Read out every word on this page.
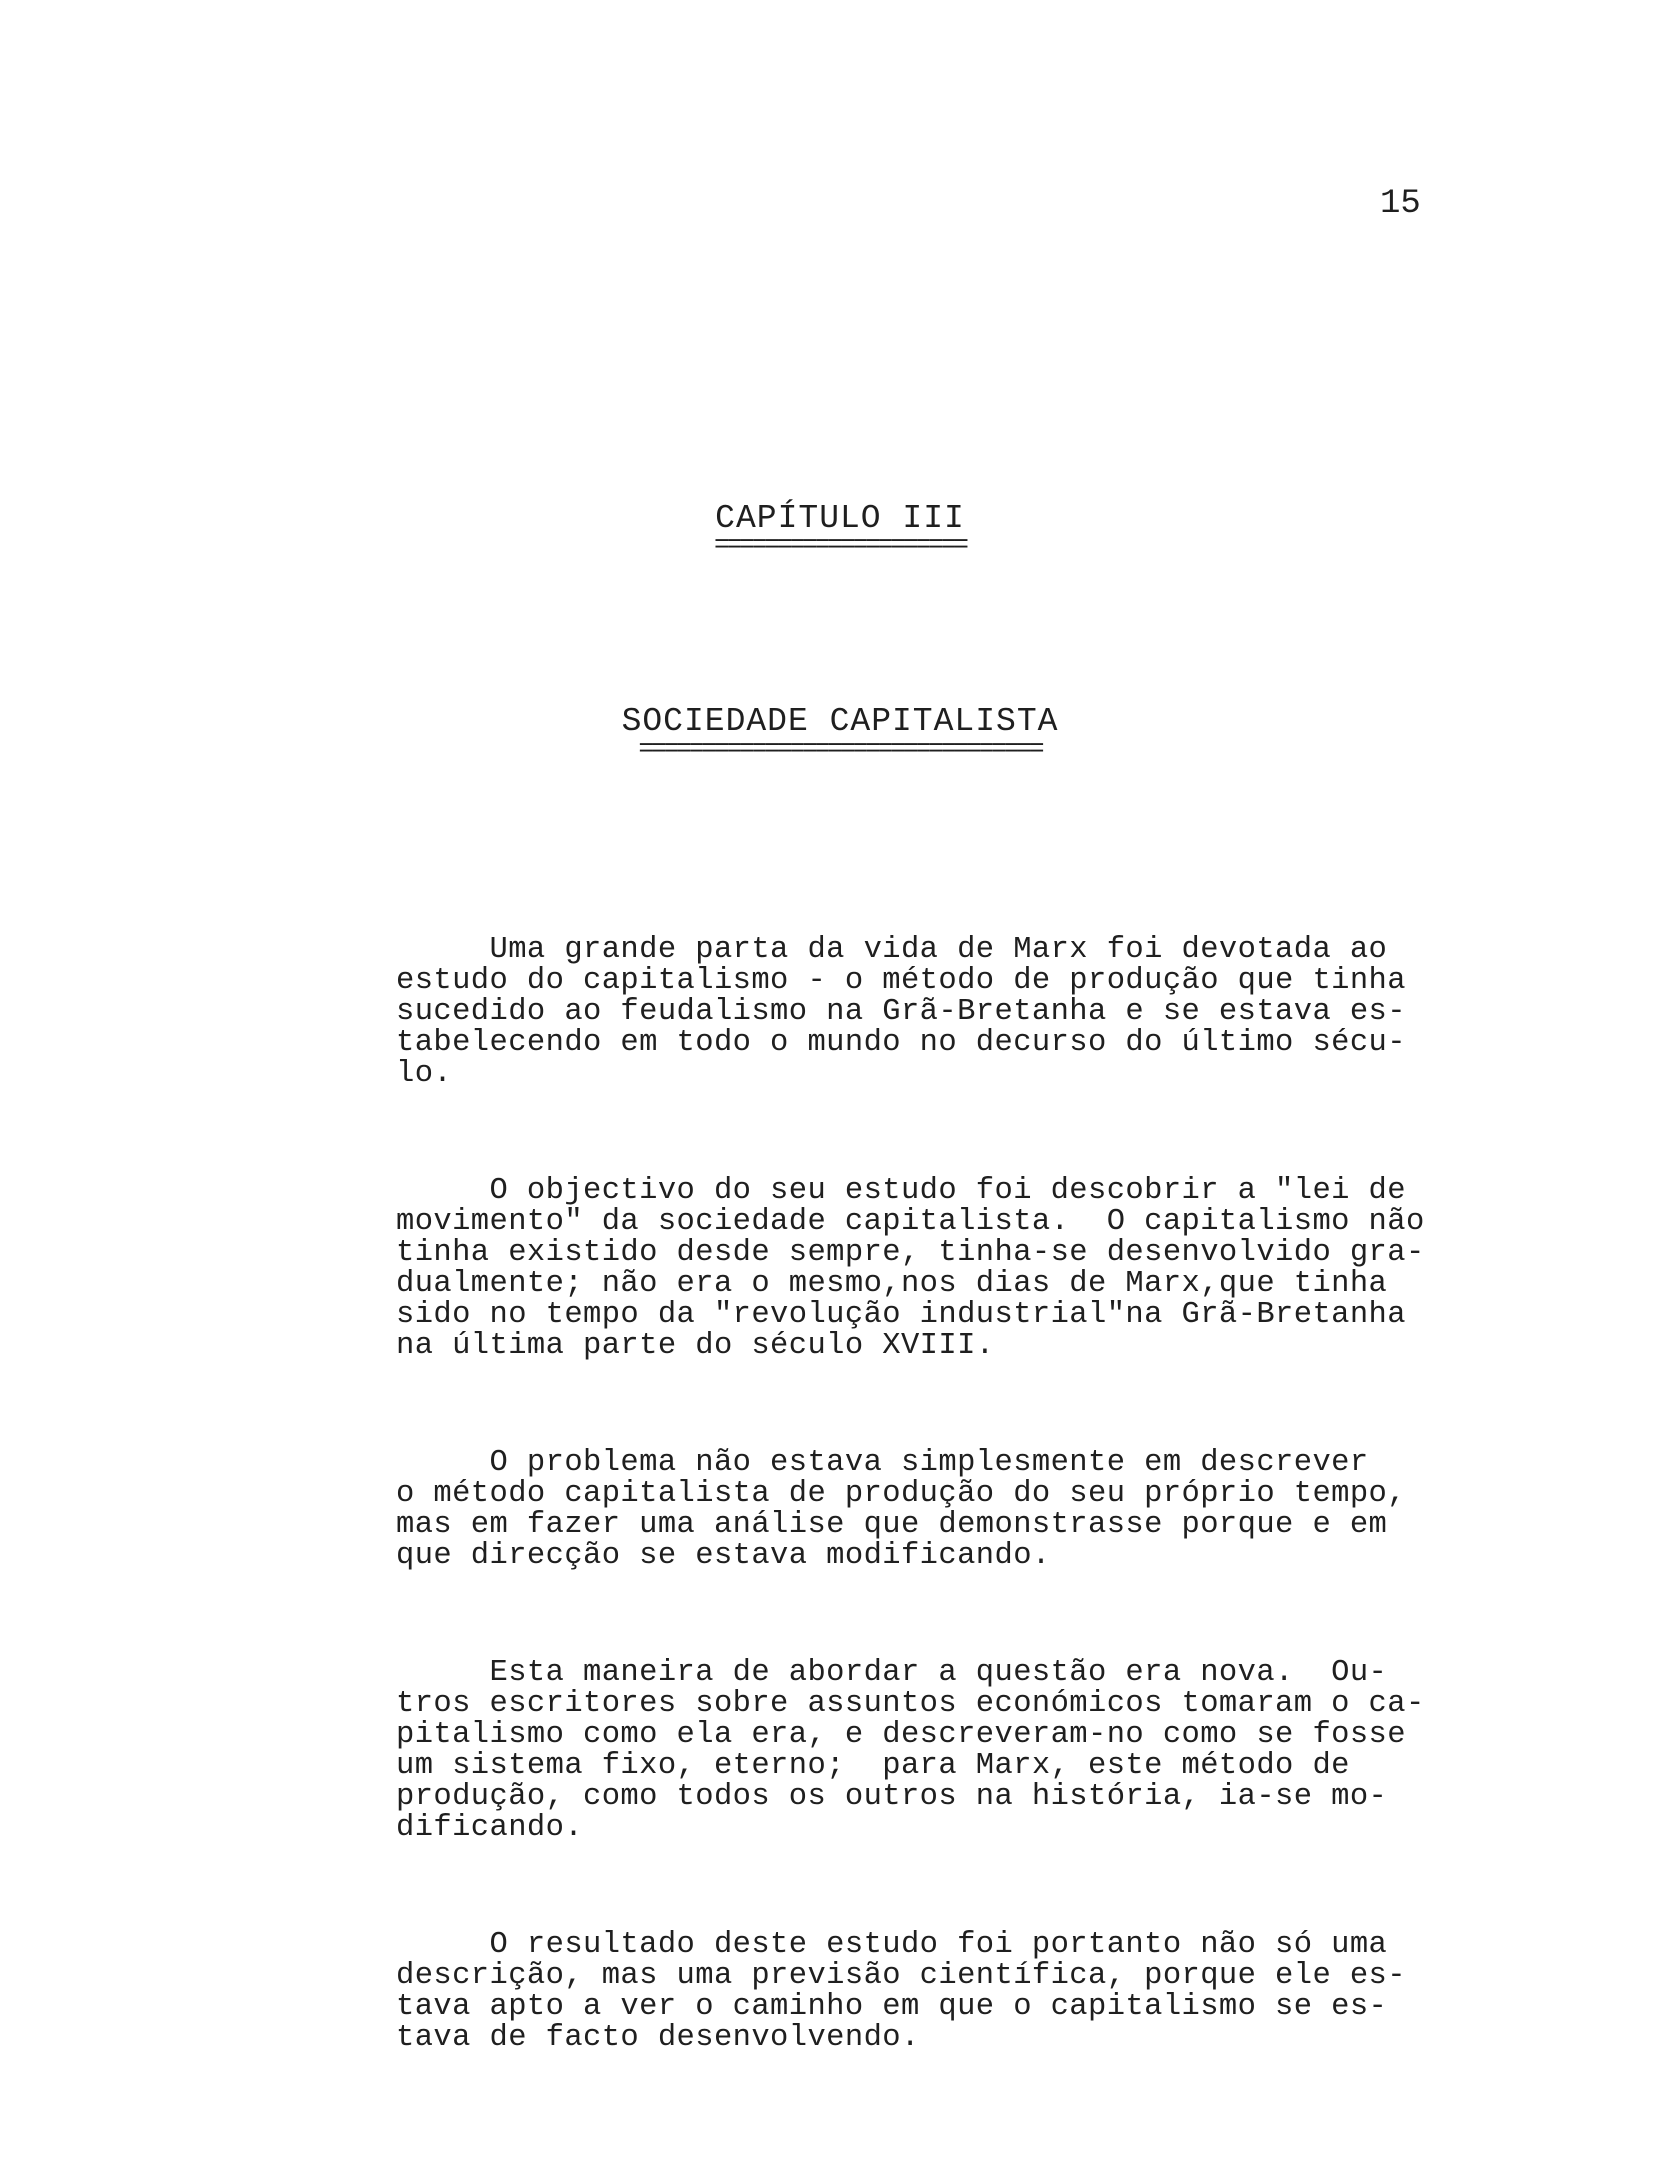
15
CAPÍTULO III
====================
SOCIEDADE CAPITALISTA
================================

Uma grande parta da vida de Marx foi devotada ao
estudo do capitalismo - o método de produção que tinha
sucedido ao feudalismo na Grã-Bretanha e se estava es-
tabelecendo em todo o mundo no decurso do último sécu-
lo.

O objectivo do seu estudo foi descobrir a "lei de
movimento" da sociedade capitalista.  O capitalismo não
tinha existido desde sempre, tinha-se desenvolvido gra-
dualmente; não era o mesmo,nos dias de Marx,que tinha
sido no tempo da "revolução industrial"na Grã-Bretanha
na última parte do século XVIII.

O problema não estava simplesmente em descrever
o método capitalista de produção do seu próprio tempo,
mas em fazer uma análise que demonstrasse porque e em
que direcção se estava modificando.

Esta maneira de abordar a questão era nova.  Ou-
tros escritores sobre assuntos económicos tomaram o ca-
pitalismo como ela era, e descreveram-no como se fosse
um sistema fixo, eterno;  para Marx, este método de
produção, como todos os outros na história, ia-se mo-
dificando.

O resultado deste estudo foi portanto não só uma
descrição, mas uma previsão científica, porque ele es-
tava apto a ver o caminho em que o capitalismo se es-
tava de facto desenvolvendo.
